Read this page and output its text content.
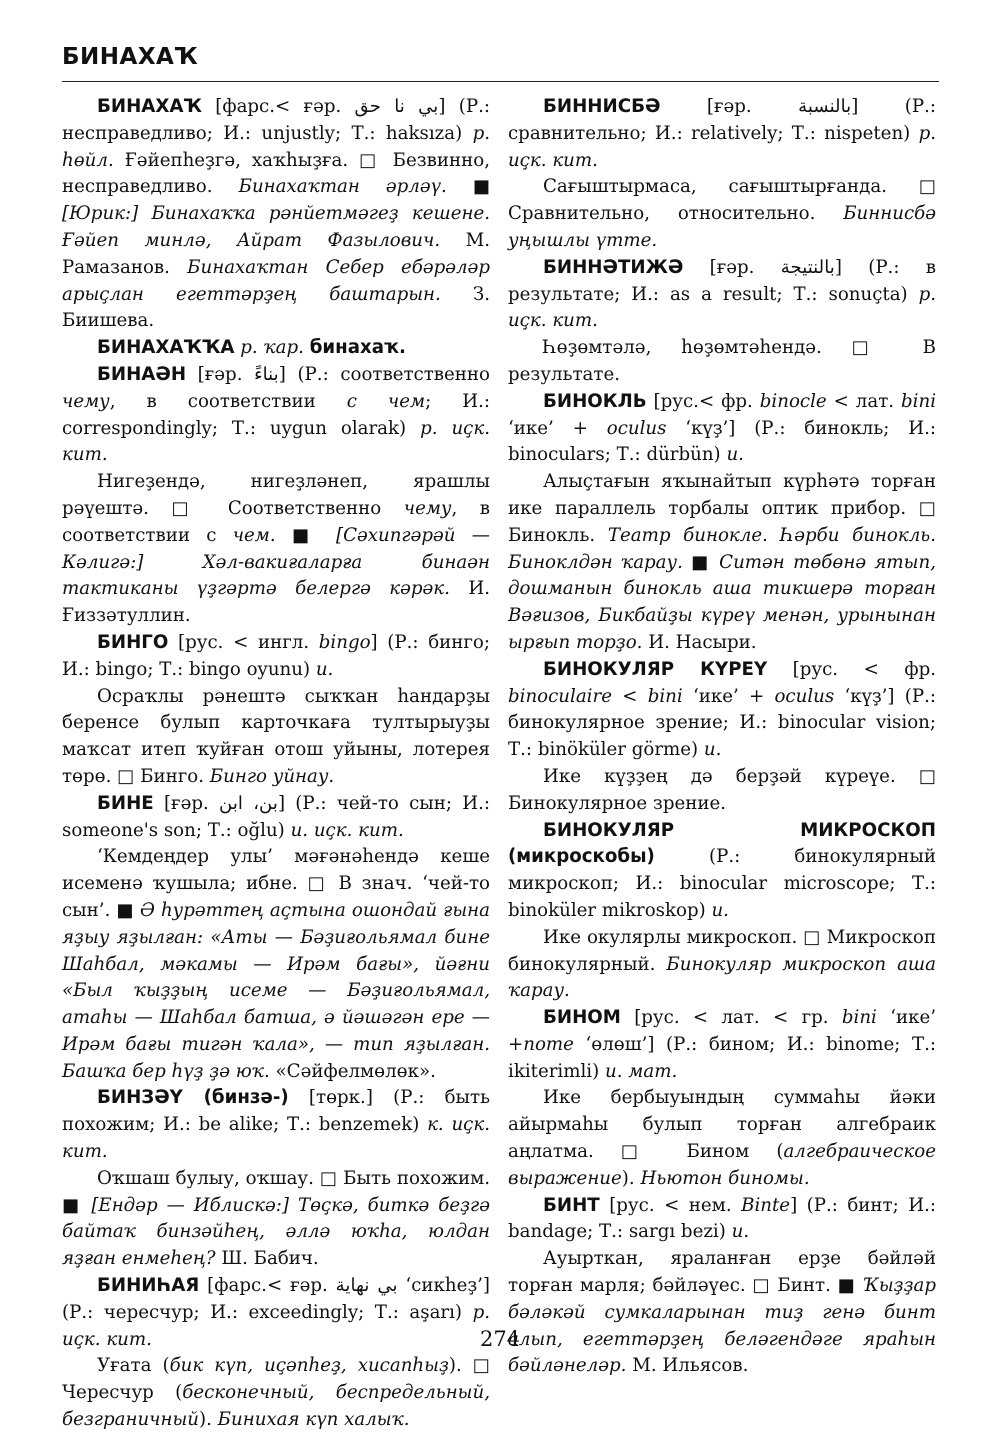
БИНАХАҠ

БИНАХАҠ [фарс.< ғәр. بي نا حق] (Р.: несправедливо; И.: unjustly; Т.: haksıza) р. һөйл. Ғәйепһеҙгә, хаҡһыҙға. □ Безвинно, несправедливо. Бинахаҡтан әрләү. ■ [Юрик:] Бинахаҡҡа рәнйетмәгеҙ кешене. Ғәйеп минлә, Айрат Фазылович. М. Рамазанов. Бинахаҡтан Себер ебәрәләр арыҫлан егеттәрҙең баштарын. З. Биишева.

БИНАХАҠҠА р. ҡар. бинахаҡ.

БИНАӘН [ғәр. بناءً] (Р.: соответственно чему, в соответствии с чем; И.: correspondingly; Т.: uygun olarak) р. иҫк. кит.

Нигеҙендә, нигеҙләнеп, ярашлы рәүештә. □ Соответственно чему, в соответствии с чем. ■ [Сәхипгәрәй — Кәлигә:] Хәл-вакиғаларға бинаән тактиканы үҙгәртә белергә кәрәк. И. Ғиззәтуллин.

БИНГО [рус. < ингл. bingo] (Р.: бинго; И.: bingo; Т.: bingo oyunu) u.

Осраҡлы рәнештә сыҡҡан һандарҙы беренсе булып карточкаға тултырыуҙы маҡсат итеп ҡуйған отош уйыны, лотерея төрө. □ Бинго. Бинго уйнау.

БИНЕ [ғәр. بن، ابن] (Р.: чей-то сын; И.: someone's son; Т.: oğlu) u. иҫк. кит.

‘Кемдеңдер улы’ мәғәнәһендә кеше исеменә ҡушыла; ибне. □ В знач. ‘чей-то сын’. ■ Ә һурәттең аҫтына ошондай ғына яҙыу яҙылған: «Аты — Бәҙиғольямал бине Шаһбал, мәкамы — Ирәм бағы», йәғни «Был ҡыҙҙың исеме — Бәҙиғольямал, атаһы — Шаһбал батша, ә йәшәгән ере — Ирәм бағы тигән ҡала», — тип яҙылған. Башҡа бер һүҙ ҙә юҡ. «Сәйфелмөлөк».

БИНЗӘҮ (бинзә-) [төрк.] (Р.: быть похожим; И.: be alike; Т.: benzemek) к. иҫк. кит.

Оҡшаш булыу, оҡшау. □ Быть похожим. ■ [Ендәр — Иблискә:] Төҫкә, биткә беҙгә байтаҡ бинзәйһең, әллә юҡһа, юлдан яҙған енмеһең? Ш. Бабич.

БИНИҺАЯ [фарс.< ғәр. بي نهاية ‘сикһеҙ’] (Р.: чересчур; И.: exceedingly; Т.: aşarı) р. иҫк. кит.

Уғата (бик күп, иҫәпһеҙ, хисапһыҙ). □ Чересчур (бесконечный, беспредельный, безграничный). Бинихая күп халыҡ.

БИННИСБӘ [ғәр. بالنسبة] (Р.: сравнительно; И.: relatively; Т.: nispeten) р. иҫк. кит.

Сағыштырмаса, сағыштырғанда. □ Сравнительно, относительно. Биннисбә уңышлы үтте.

БИННӘТИЖӘ [ғәр. بالنتيجة] (Р.: в результате; И.: as a result; Т.: sonuçta) р. иҫк. кит.

Һөҙөмтәлә, һөҙөмтәһендә. □ В результате.

БИНОКЛЬ [рус.< фр. binocle < лат. bini ‘ике’ + oculus ‘күҙ’] (Р.: бинокль; И.: binoculars; Т.: dürbün) u.

Алыҫтағын яҡынайтып күрһәтә торған ике параллель торбалы оптик прибор. □ Бинокль. Театр биноклe. Һәрби бинокль. Биноклдән ҡарау. ■ Ситән төбөнә ятып, дошманын бинокль аша тикшерә торған Вәғизов, Бикбайҙы күреү менән, урынынан ырғып торҙо. И. Насыри.

БИНОКУЛЯР КҮРЕҮ [рус. < фр. binoculaire < bini ‘ике’ + oculus ‘күҙ’] (Р.: бинокулярное зрение; И.: binocular vision; Т.: binöküler görme) u.

Ике күҙҙең дә берҙәй күреүе. □ Бинокулярное зрение.

БИНОКУЛЯР МИКРОСКОП (микроскобы) (Р.: бинокулярный микроскоп; И.: binocular microscope; Т.: binoküler mikroskop) u.

Ике окулярлы микроскоп. □ Микроскоп бинокулярный. Бинокуляр микроскоп аша ҡарау.

БИНОМ [рус. < лат. < гр. bini ‘ике’ +nome ‘өлөш’] (Р.: бином; И.: binome; Т.: ikiterimli) u. мат.

Ике бербыуындың суммаһы йәки айырмаһы булып торған алгебраик аңлатма. □ Бином (алгебраическое выражение). Ньютон биномы.

БИНТ [рус. < нем. Binte] (Р.: бинт; И.: bandage; Т.: sargı bezi) u.

Ауырткан, яраланған ерҙе бәйләй торған марля; бәйләүес. □ Бинт. ■ Ҡыҙҙар бәләкәй сумкаларынан тиҙ генә бинт алып, егеттәрҙең беләгендәге ярaһын бәйләнеләр. М. Ильясов.

274
